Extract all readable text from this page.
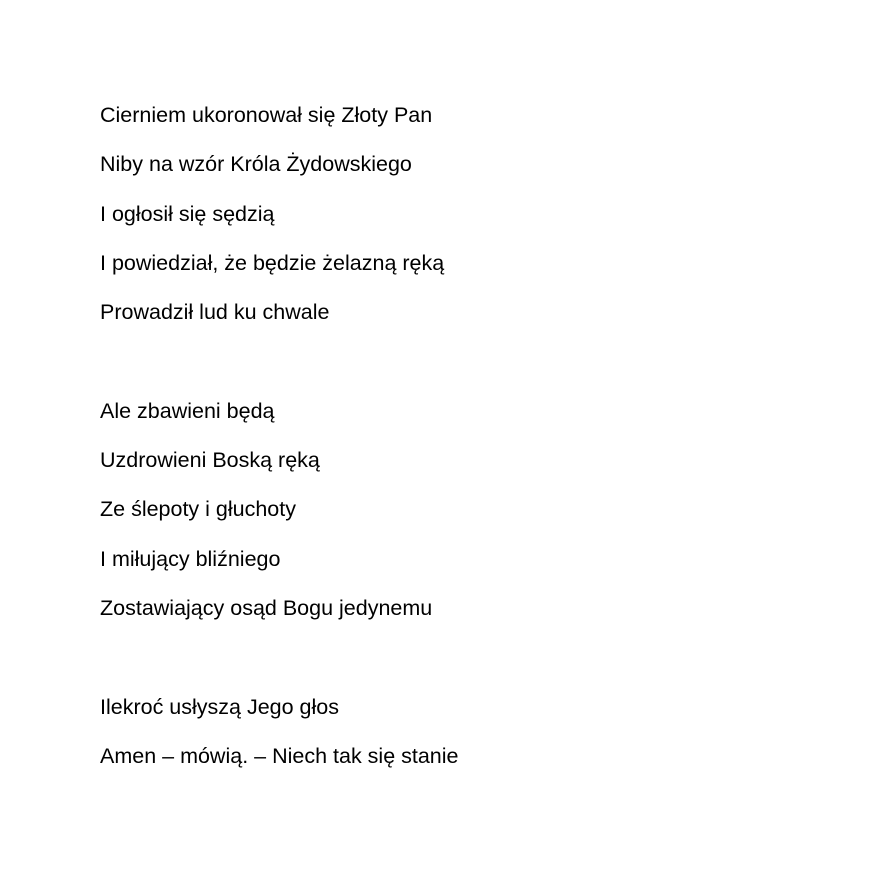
Cierniem ukoronował się Złoty Pan
Niby na wzór Króla Żydowskiego
I ogłosił się sędzią
I powiedział, że będzie żelazną ręką
Prowadził lud ku chwale
Ale zbawieni będą
Uzdrowieni Boską ręką
Ze ślepoty i głuchoty
I miłujący bliźniego
Zostawiający osąd Bogu jedynemu
Ilekroć usłyszą Jego głos
Amen – mówią. – Niech tak się stanie
